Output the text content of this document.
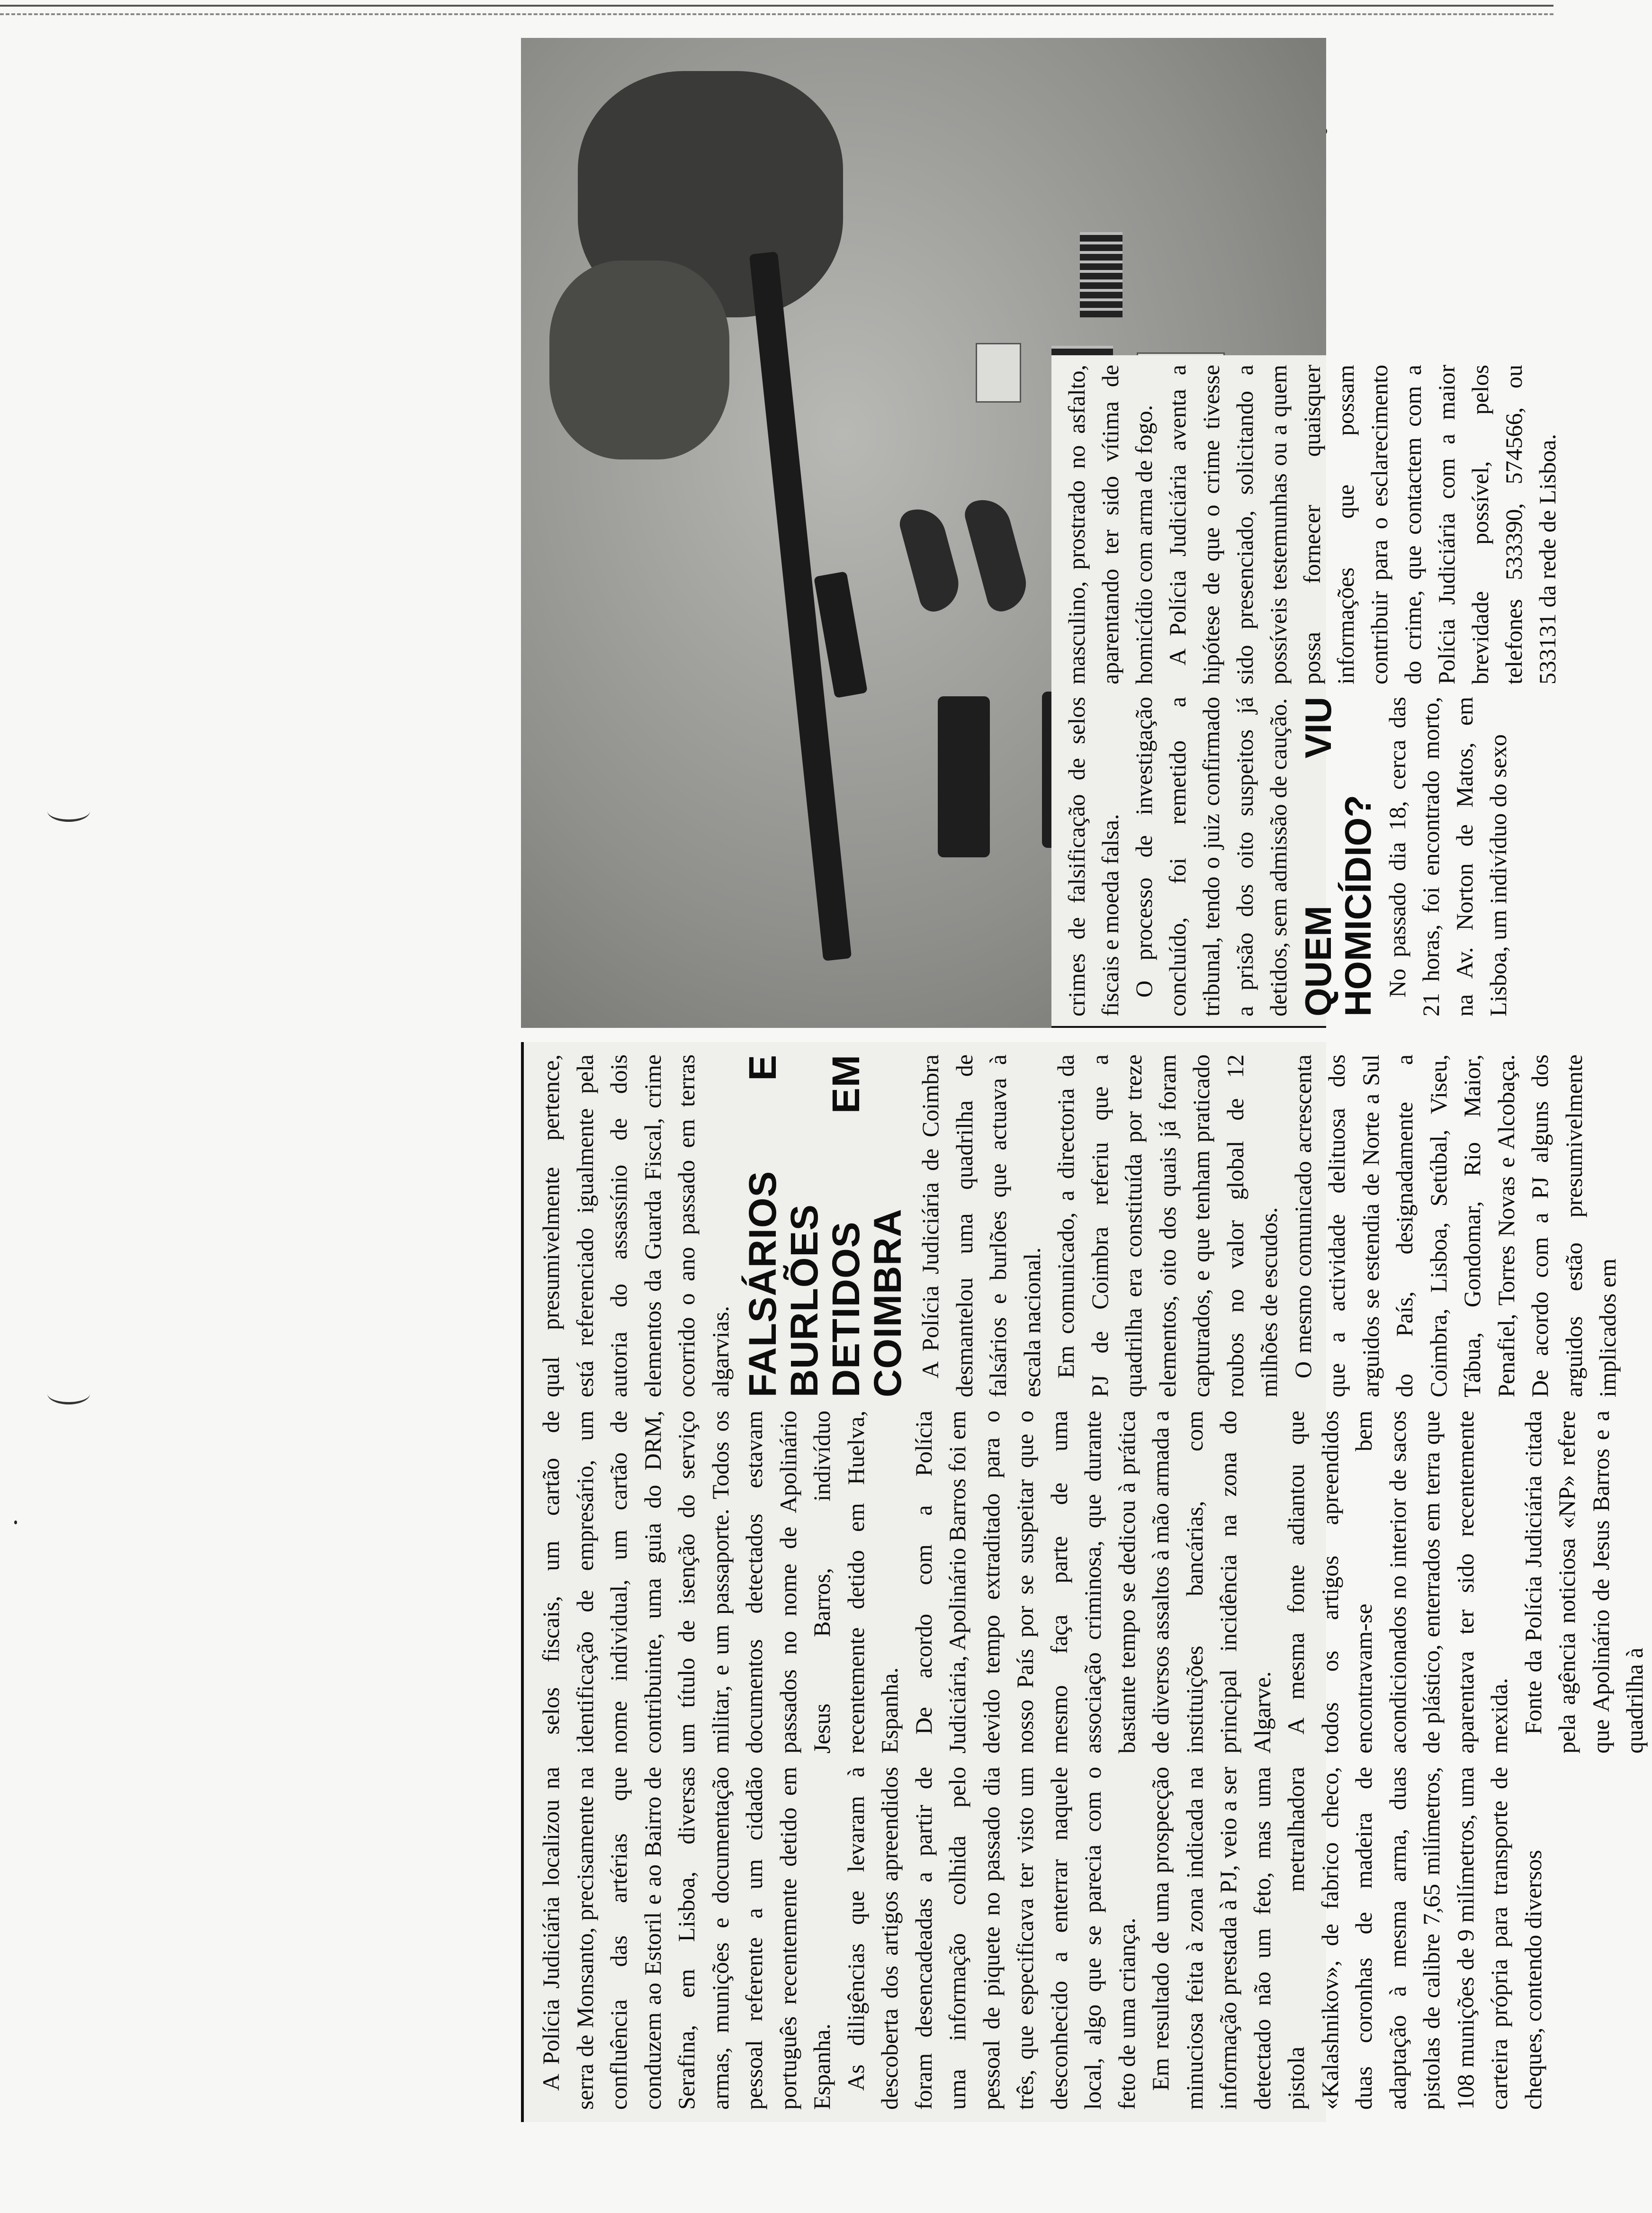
A Polícia Judiciária localizou na serra de Monsanto, precisamente na confluência das artérias que conduzem ao Estoril e ao Bairro de Serafina, em Lisboa, diversas armas, munições e documentação pessoal referente a um cidadão português recentemente detido em Espanha. As diligências que levaram à descoberta dos artigos apreendidos foram desencadeadas a partir de uma informação colhida pelo pessoal de piquete no passado dia três, que especificava ter visto um desconhecido a enterrar naquele local, algo que se parecia com o feto de uma criança. Em resultado de uma prospecção minuciosa feita à zona indicada na informação prestada à PJ, veio a ser detectado não um feto, mas uma pistola metralhadora «Kalashnikov», de fabrico checo, duas coronhas de madeira de adaptação à mesma arma, duas pistolas de calibre 7,65 milímetros, 108 munições de 9 milímetros, uma carteira própria para transporte de cheques, contendo diversos

selos fiscais, um cartão de identificação de empresário, um nome individual, um cartão de contribuinte, uma guia do DRM, um título de isenção do serviço militar, e um passaporte. Todos os documentos detectados estavam passados no nome de Apolinário Jesus Barros, indivíduo recentemente detido em Huelva, Espanha. De acordo com a Polícia Judiciária, Apolinário Barros foi em devido tempo extraditado para o nosso País por se suspeitar que o mesmo faça parte de uma associação criminosa, que durante bastante tempo se dedicou à prática de diversos assaltos à mão armada a instituições bancárias, com principal incidência na zona do Algarve. A mesma fonte adiantou que todos os artigos apreendidos encontravam-se bem acondicionados no interior de sacos de plástico, enterrados em terra que aparentava ter sido recentemente mexida. Fonte da Polícia Judiciária citada pela agência noticiosa «NP» refere que Apolinário de Jesus Barros e a quadrilha à

qual presumivelmente pertence, está referenciado igualmente pela autoria do assassínio de dois elementos da Guarda Fiscal, crime ocorrido o ano passado em terras algarvias. FALSÁRIOS E BURLÕES DETIDOS EM COIMBRA A Polícia Judiciária de Coimbra desmantelou uma quadrilha de falsários e burlões que actuava à escala nacional. Em comunicado, a directoria da PJ de Coimbra referiu que a quadrilha era constituída por treze elementos, oito dos quais já foram capturados, e que tenham praticado roubos no valor global de 12 milhões de escudos. O mesmo comunicado acrescenta que a actividade delituosa dos arguidos se estendia de Norte a Sul do País, designadamente a Coimbra, Lisboa, Setúbal, Viseu, Tábua, Gondomar, Rio Maior, Penafiel, Torres Novas e Alcobaça. De acordo com a PJ alguns dos arguidos estão presumivelmente implicados em

crimes de falsificação de selos fiscais e moeda falsa. O processo de investigação concluído, foi remetido a tribunal, tendo o juiz confirmado a prisão dos oito suspeitos já detidos, sem admissão de caução. QUEM VIU HOMICÍDIO? No passado dia 18, cerca das 21 horas, foi encontrado morto, na Av. Norton de Matos, em Lisboa, um indivíduo do sexo

masculino, prostrado no asfalto, aparentando ter sido vítima de homicídio com arma de fogo. A Polícia Judiciária aventa a hipótese de que o crime tivesse sido presenciado, solicitando a possíveis testemunhas ou a quem possa fornecer quaisquer informações que possam contribuir para o esclarecimento do crime, que contactem com a Polícia Judiciária com a maior brevidade possível, pelos telefones 533390, 574566, ou 533131 da rede de Lisboa.
